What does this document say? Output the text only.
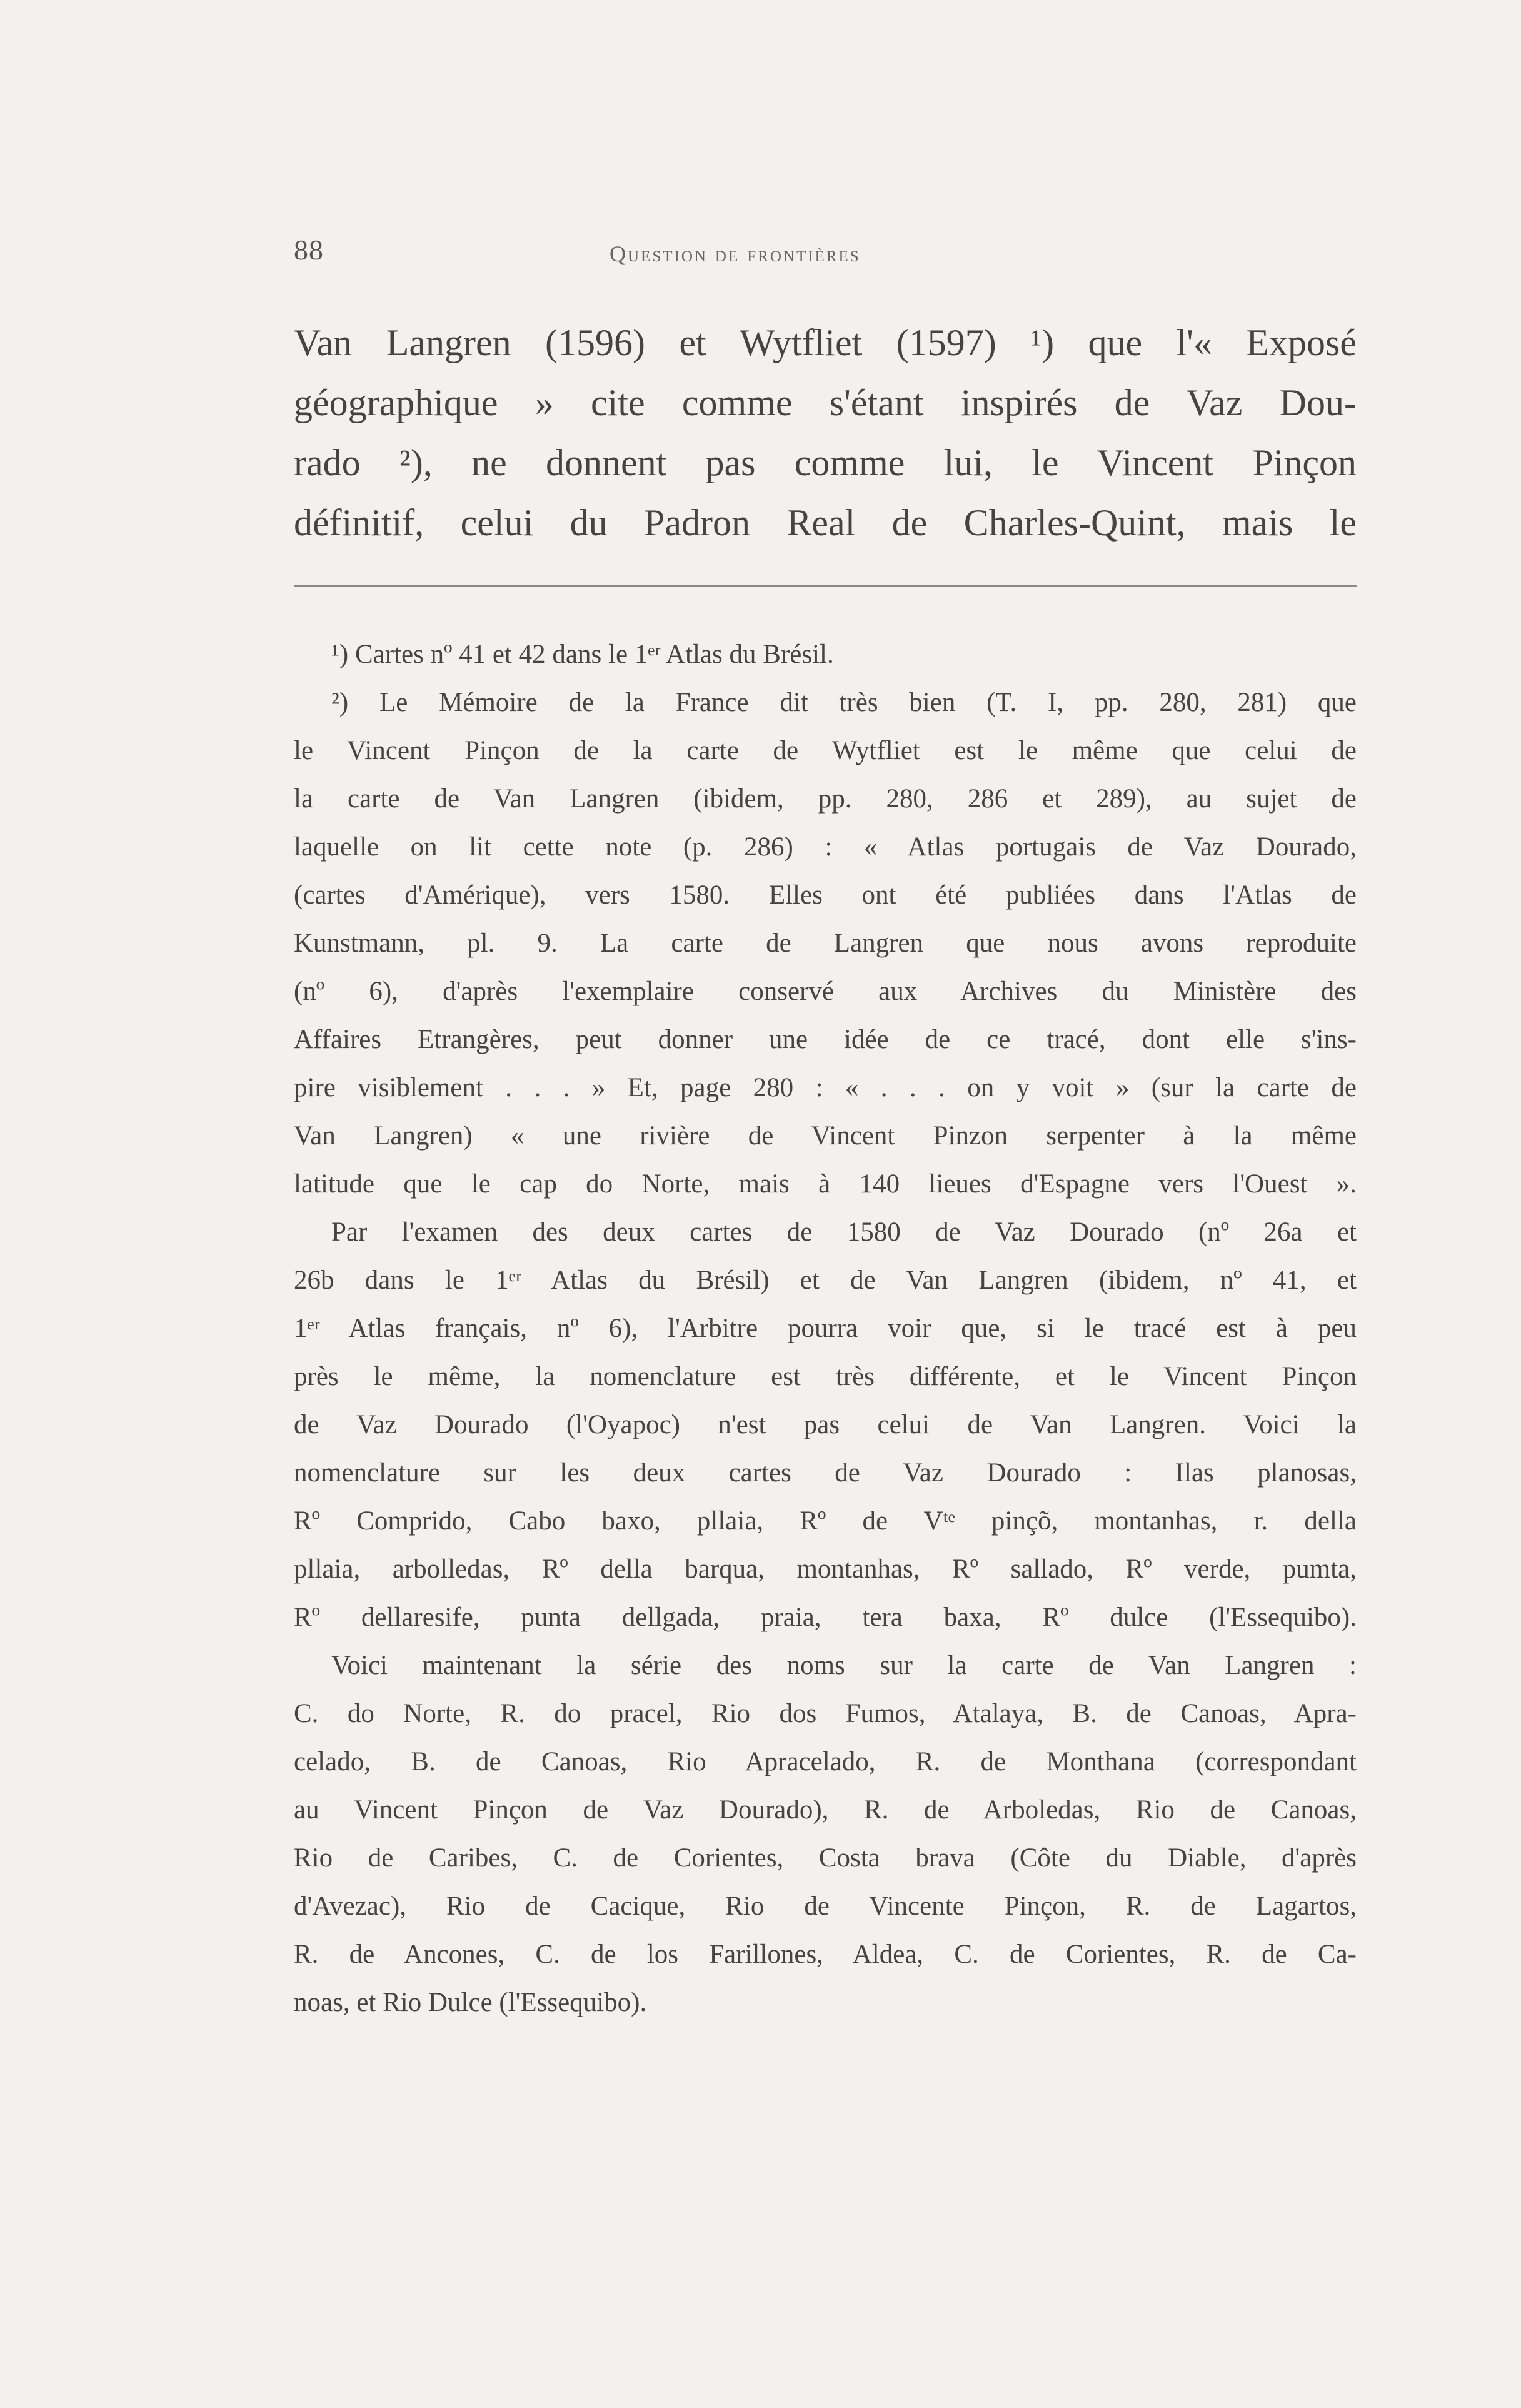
88	Question de frontières
Van Langren (1596) et Wytfliet (1597) ¹) que l'« Exposé
géographique » cite comme s'étant inspirés de Vaz Dou-
rado ²), ne donnent pas comme lui, le Vincent Pinçon
définitif, celui du Padron Real de Charles-Quint, mais le
¹) Cartes nº 41 et 42 dans le 1ᵉʳ Atlas du Brésil.
²) Le Mémoire de la France dit très bien (T. I, pp. 280, 281) que
le Vincent Pinçon de la carte de Wytfliet est le même que celui de
la carte de Van Langren (ibidem, pp. 280, 286 et 289), au sujet de
laquelle on lit cette note (p. 286) : « Atlas portugais de Vaz Dourado,
(cartes d'Amérique), vers 1580. Elles ont été publiées dans l'Atlas de
Kunstmann, pl. 9. La carte de Langren que nous avons reproduite
(nº 6), d'après l'exemplaire conservé aux Archives du Ministère des
Affaires Etrangères, peut donner une idée de ce tracé, dont elle s'ins-
pire visiblement . . . » Et, page 280 : « . . . on y voit » (sur la carte de
Van Langren) « une rivière de Vincent Pinzon serpenter à la même
latitude que le cap do Norte, mais à 140 lieues d'Espagne vers l'Ouest ».
Par l'examen des deux cartes de 1580 de Vaz Dourado (nº 26a et
26b dans le 1ᵉʳ Atlas du Brésil) et de Van Langren (ibidem, nº 41, et
1ᵉʳ Atlas français, nº 6), l'Arbitre pourra voir que, si le tracé est à peu
près le même, la nomenclature est très différente, et le Vincent Pinçon
de Vaz Dourado (l'Oyapoc) n'est pas celui de Van Langren. Voici la
nomenclature sur les deux cartes de Vaz Dourado : Ilas planosas,
Rº Comprido, Cabo baxo, pllaia, Rº de Vᵗᵉ pinçõ, montanhas, r. della
pllaia, arbolledas, Rº della barqua, montanhas, Rº sallado, Rº verde, pumta,
Rº dellaresife, punta dellgada, praia, tera baxa, Rº dulce (l'Essequibo).
Voici maintenant la série des noms sur la carte de Van Langren :
C. do Norte, R. do pracel, Rio dos Fumos, Atalaya, B. de Canoas, Apra-
celado, B. de Canoas, Rio Apracelado, R. de Monthana (correspondant
au Vincent Pinçon de Vaz Dourado), R. de Arboledas, Rio de Canoas,
Rio de Caribes, C. de Corientes, Costa brava (Côte du Diable, d'après
d'Avezac), Rio de Cacique, Rio de Vincente Pinçon, R. de Lagartos,
R. de Ancones, C. de los Farillones, Aldea, C. de Corientes, R. de Ca-
noas, et Rio Dulce (l'Essequibo).
